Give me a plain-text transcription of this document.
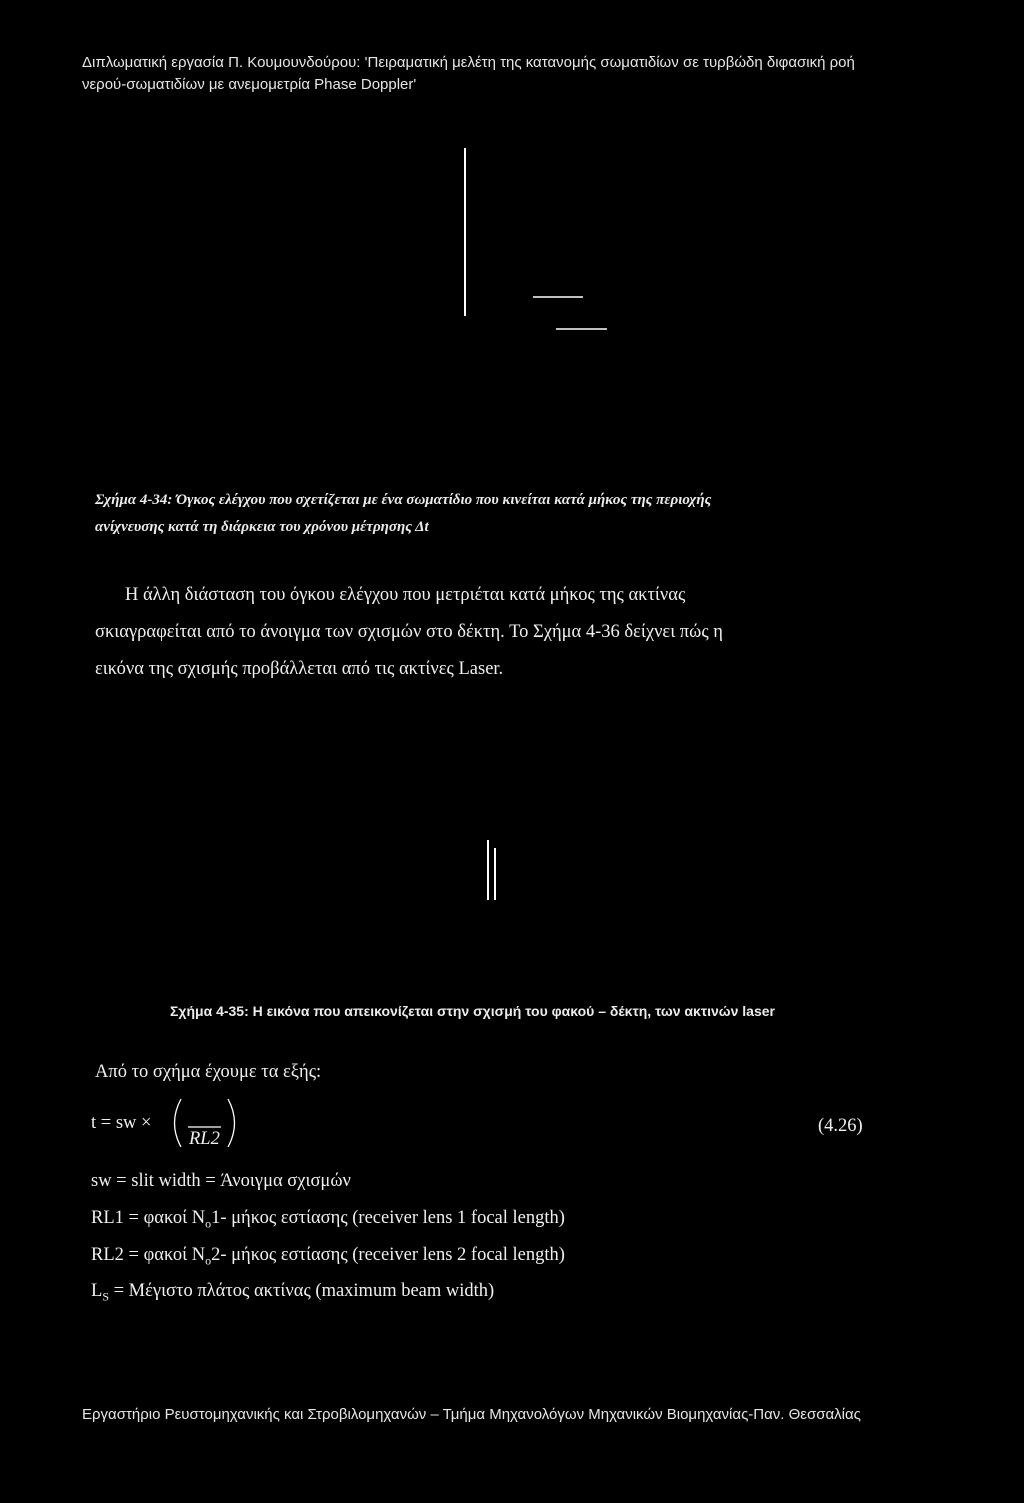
Διπλωματική εργασία Π. Κουμουνδούρου: 'Πειραματική μελέτη της κατανομής σωματιδίων σε τυρβώδη διφασική ροή
νερού-σωματιδίων με ανεμομετρία Phase Doppler'
Σχήμα 4-34: Όγκος ελέγχου που σχετίζεται με ένα σωματίδιο που κινείται κατά μήκος της περιοχής
ανίχνευσης κατά τη διάρκεια του χρόνου μέτρησης Δt
Η άλλη διάσταση του όγκου ελέγχου που μετριέται κατά μήκος της ακτίνας
σκιαγραφείται από το άνοιγμα των σχισμών στο δέκτη. Το Σχήμα 4-36 δείχνει πώς η
εικόνα της σχισμής προβάλλεται από τις ακτίνες Laser.
Σχήμα 4-35: Η εικόνα που απεικονίζεται στην σχισμή του φακού – δέκτη, των ακτινών laser
Από το σχήμα έχουμε τα εξής:
t = sw ×
RL2
(4.26)
sw = slit width = Άνοιγμα σχισμών
RL1 = φακοί $N_o1-$ μήκος εστίασης (receiver lens 1 focal length)
RL2 = φακοί $N_o2-$ μήκος εστίασης (receiver lens 2 focal length)
$L_S = Mέ\gamma\iota\sigma\tau o$ πλάτος ακτίνας (maximum beam width)
Εργαστήριο Ρευστομηχανικής και Στροβιλομηχανών – Τμήμα Μηχανολόγων Μηχανικών Βιομηχανίας-Παν. Θεσσαλίας
